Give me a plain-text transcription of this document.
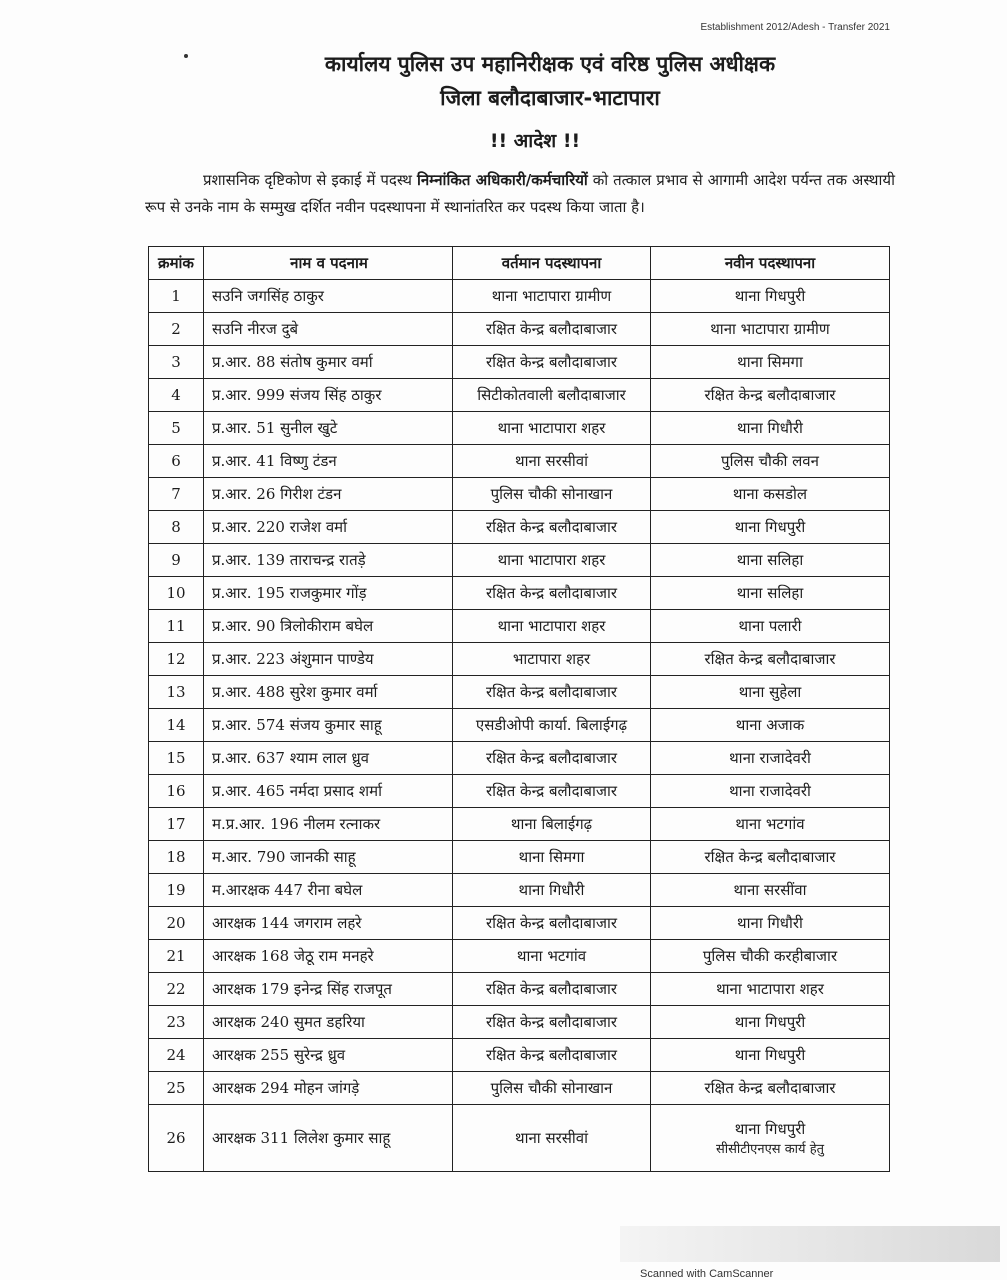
Establishment 2012/Adesh - Transfer 2021
कार्यालय पुलिस उप महानिरीक्षक एवं वरिष्ठ पुलिस अधीक्षक
जिला बलौदाबाजार-भाटापारा
!! आदेश !!
प्रशासनिक दृष्टिकोण से इकाई में पदस्थ निम्नांकित अधिकारी/कर्मचारियों को तत्काल प्रभाव से आगामी आदेश पर्यन्त तक अस्थायी रूप से उनके नाम के सम्मुख दर्शित नवीन पदस्थापना में स्थानांतरित कर पदस्थ किया जाता है।
क्रमांक	नाम व पदनाम	वर्तमान पदस्थापना	नवीन पदस्थापना
1	सउनि जगसिंह ठाकुर	थाना भाटापारा ग्रामीण	थाना गिधपुरी
2	सउनि नीरज दुबे	रक्षित केन्द्र बलौदाबाजार	थाना भाटापारा ग्रामीण
3	प्र.आर. 88 संतोष कुमार वर्मा	रक्षित केन्द्र बलौदाबाजार	थाना सिमगा
4	प्र.आर. 999 संजय सिंह ठाकुर	सिटीकोतवाली बलौदाबाजार	रक्षित केन्द्र बलौदाबाजार
5	प्र.आर. 51 सुनील खुटे	थाना भाटापारा शहर	थाना गिधौरी
6	प्र.आर. 41 विष्णु टंडन	थाना सरसीवां	पुलिस चौकी लवन
7	प्र.आर. 26 गिरीश टंडन	पुलिस चौकी सोनाखान	थाना कसडोल
8	प्र.आर. 220 राजेश वर्मा	रक्षित केन्द्र बलौदाबाजार	थाना गिधपुरी
9	प्र.आर. 139 ताराचन्द्र रातड़े	थाना भाटापारा शहर	थाना सलिहा
10	प्र.आर. 195 राजकुमार गोंड़	रक्षित केन्द्र बलौदाबाजार	थाना सलिहा
11	प्र.आर. 90 त्रिलोकीराम बघेल	थाना भाटापारा शहर	थाना पलारी
12	प्र.आर. 223 अंशुमान पाण्डेय	भाटापारा शहर	रक्षित केन्द्र बलौदाबाजार
13	प्र.आर. 488 सुरेश कुमार वर्मा	रक्षित केन्द्र बलौदाबाजार	थाना सुहेला
14	प्र.आर. 574 संजय कुमार साहू	एसडीओपी कार्या. बिलाईगढ़	थाना अजाक
15	प्र.आर. 637 श्याम लाल ध्रुव	रक्षित केन्द्र बलौदाबाजार	थाना राजादेवरी
16	प्र.आर. 465 नर्मदा प्रसाद शर्मा	रक्षित केन्द्र बलौदाबाजार	थाना राजादेवरी
17	म.प्र.आर. 196 नीलम रत्नाकर	थाना बिलाईगढ़	थाना भटगांव
18	म.आर. 790 जानकी साहू	थाना सिमगा	रक्षित केन्द्र बलौदाबाजार
19	म.आरक्षक 447 रीना बघेल	थाना गिधौरी	थाना सरसींवा
20	आरक्षक 144 जगराम लहरे	रक्षित केन्द्र बलौदाबाजार	थाना गिधौरी
21	आरक्षक 168 जेठू राम मनहरे	थाना भटगांव	पुलिस चौकी करहीबाजार
22	आरक्षक 179 इनेन्द्र सिंह राजपूत	रक्षित केन्द्र बलौदाबाजार	थाना भाटापारा शहर
23	आरक्षक 240 सुमत डहरिया	रक्षित केन्द्र बलौदाबाजार	थाना गिधपुरी
24	आरक्षक 255 सुरेन्द्र ध्रुव	रक्षित केन्द्र बलौदाबाजार	थाना गिधपुरी
25	आरक्षक 294 मोहन जांगड़े	पुलिस चौकी सोनाखान	रक्षित केन्द्र बलौदाबाजार
26	आरक्षक 311 लिलेश कुमार साहू	थाना सरसीवां	थाना गिधपुरी
सीसीटीएनएस कार्य हेतु
Scanned with CamScanner
